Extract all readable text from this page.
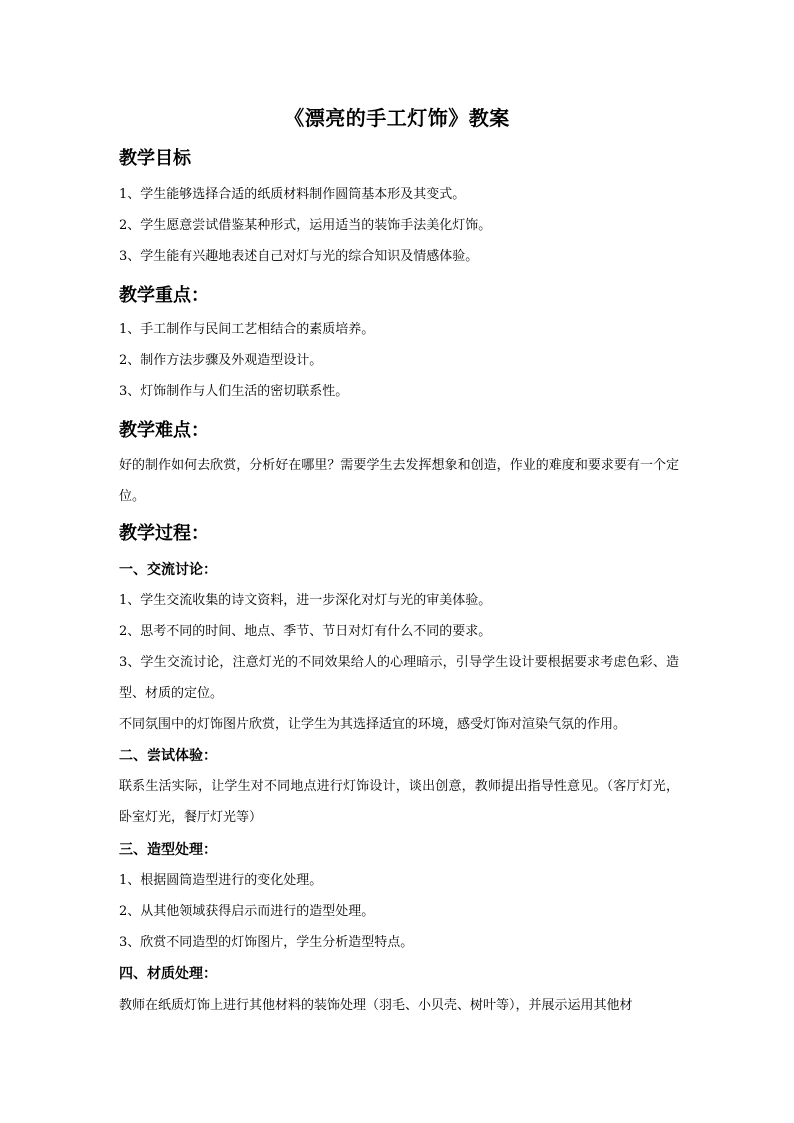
《漂亮的手工灯饰》教案
教学目标
1、学生能够选择合适的纸质材料制作圆筒基本形及其变式。
2、学生愿意尝试借鉴某种形式，运用适当的装饰手法美化灯饰。
3、学生能有兴趣地表述自己对灯与光的综合知识及情感体验。
教学重点：
1、手工制作与民间工艺相结合的素质培养。
2、制作方法步骤及外观造型设计。
3、灯饰制作与人们生活的密切联系性。
教学难点：
好的制作如何去欣赏，分析好在哪里？需要学生去发挥想象和创造，作业的难度和要求要有一个定位。
教学过程：
一、交流讨论：
1、学生交流收集的诗文资料，进一步深化对灯与光的审美体验。
2、思考不同的时间、地点、季节、节日对灯有什么不同的要求。
3、学生交流讨论，注意灯光的不同效果给人的心理暗示，引导学生设计要根据要求考虑色彩、造型、材质的定位。
不同氛围中的灯饰图片欣赏，让学生为其选择适宜的环境，感受灯饰对渲染气氛的作用。
二、尝试体验：
联系生活实际，让学生对不同地点进行灯饰设计，谈出创意，教师提出指导性意见。（客厅灯光，卧室灯光，餐厅灯光等）
三、造型处理：
1、根据圆筒造型进行的变化处理。
2、从其他领域获得启示而进行的造型处理。
3、欣赏不同造型的灯饰图片，学生分析造型特点。
四、材质处理：
教师在纸质灯饰上进行其他材料的装饰处理（羽毛、小贝壳、树叶等），并展示运用其他材
